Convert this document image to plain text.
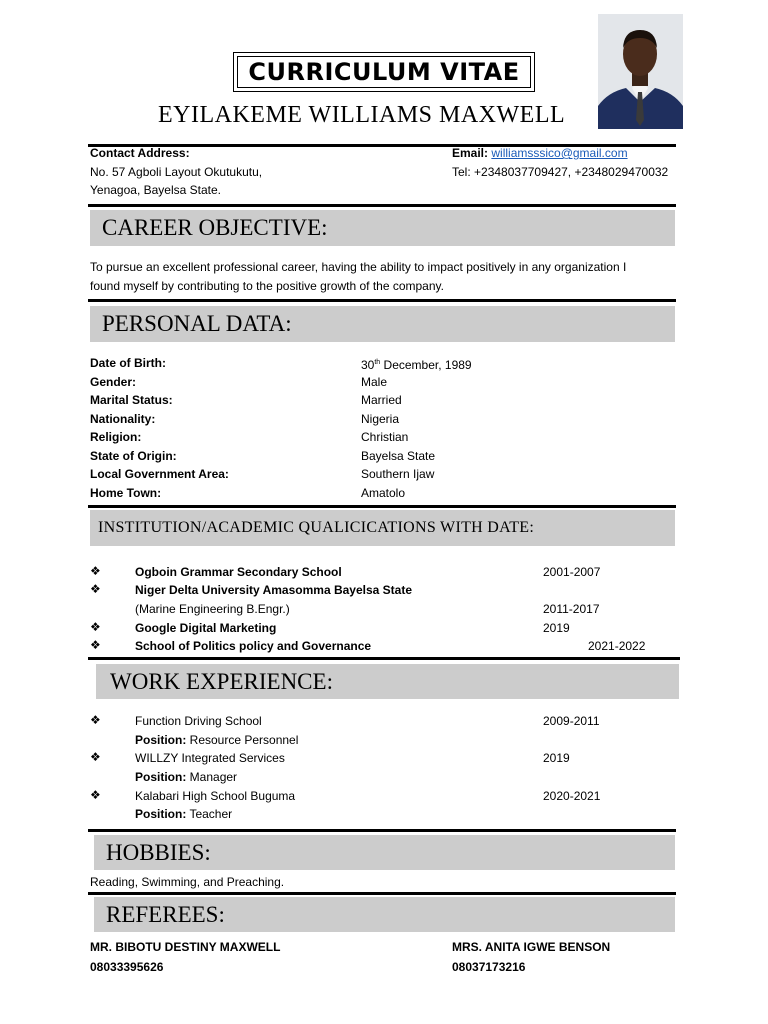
CURRICULUM VITAE
EYILAKEME WILLIAMS MAXWELL
Contact Address:
No. 57 Agboli Layout Okutukutu,
Yenagoa, Bayelsa State.
Email: williamsssico@gmail.com
Tel: +2348037709427, +2348029470032
CAREER OBJECTIVE:
To pursue an excellent professional career, having the ability to impact positively in any organization I
found myself by contributing to the positive growth of the company.
PERSONAL DATA:
Date of Birth:	30th December, 1989
Gender:	Male
Marital Status:	Married
Nationality:	Nigeria
Religion:	Christian
State of Origin:	Bayelsa State
Local Government Area:	Southern Ijaw
Home Town:	Amatolo
INSTITUTION/ACADEMIC QUALICICATIONS WITH DATE:
❖	Ogboin Grammar Secondary School	2001-2007
❖	Niger Delta University Amasomma Bayelsa State
(Marine Engineering B.Engr.)	2011-2017
❖	Google Digital Marketing	2019
❖	School of Politics policy and Governance	2021-2022
WORK EXPERIENCE:
❖	Function Driving School	2009-2011
Position: Resource Personnel
❖	WILLZY Integrated Services	2019
Position: Manager
❖	Kalabari High School Buguma	2020-2021
Position: Teacher
HOBBIES:
Reading, Swimming, and Preaching.
REFEREES:
MR. BIBOTU DESTINY MAXWELL
08033395626
MRS. ANITA IGWE BENSON
08037173216
